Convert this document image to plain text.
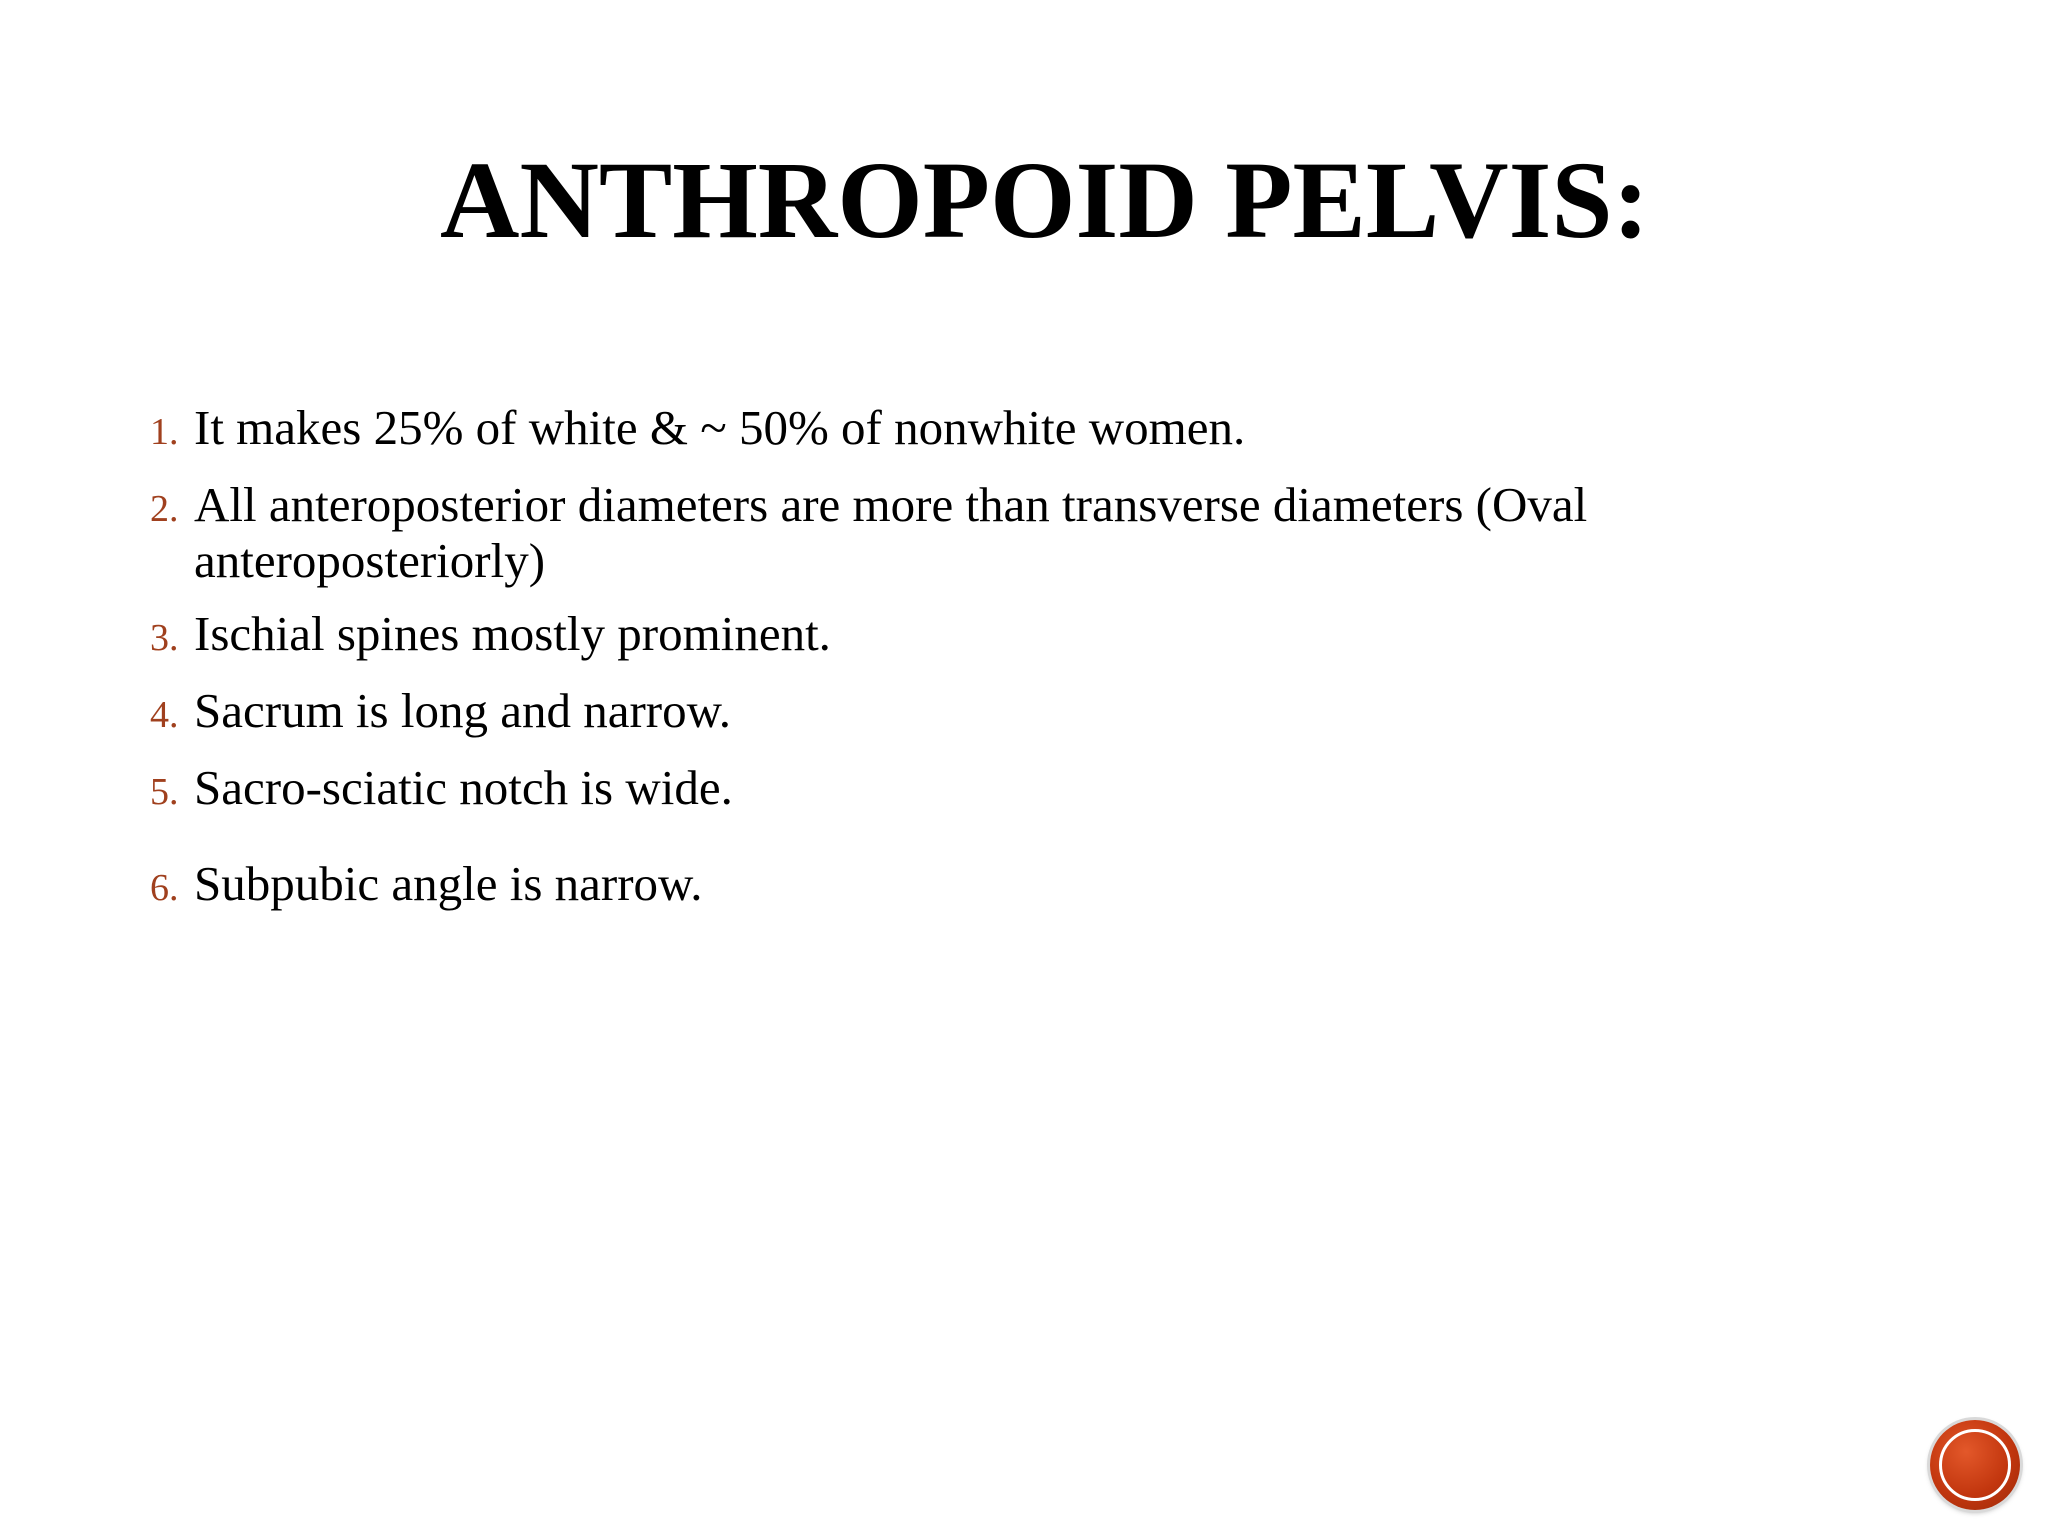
ANTHROPOID PELVIS:
1. It makes 25% of white & ~ 50% of nonwhite women.
2. All anteroposterior diameters are more than transverse diameters (Oval anteroposteriorly)
3. Ischial spines mostly prominent.
4. Sacrum is long and narrow.
5. Sacro-sciatic notch is wide.
6. Subpubic angle is narrow.
